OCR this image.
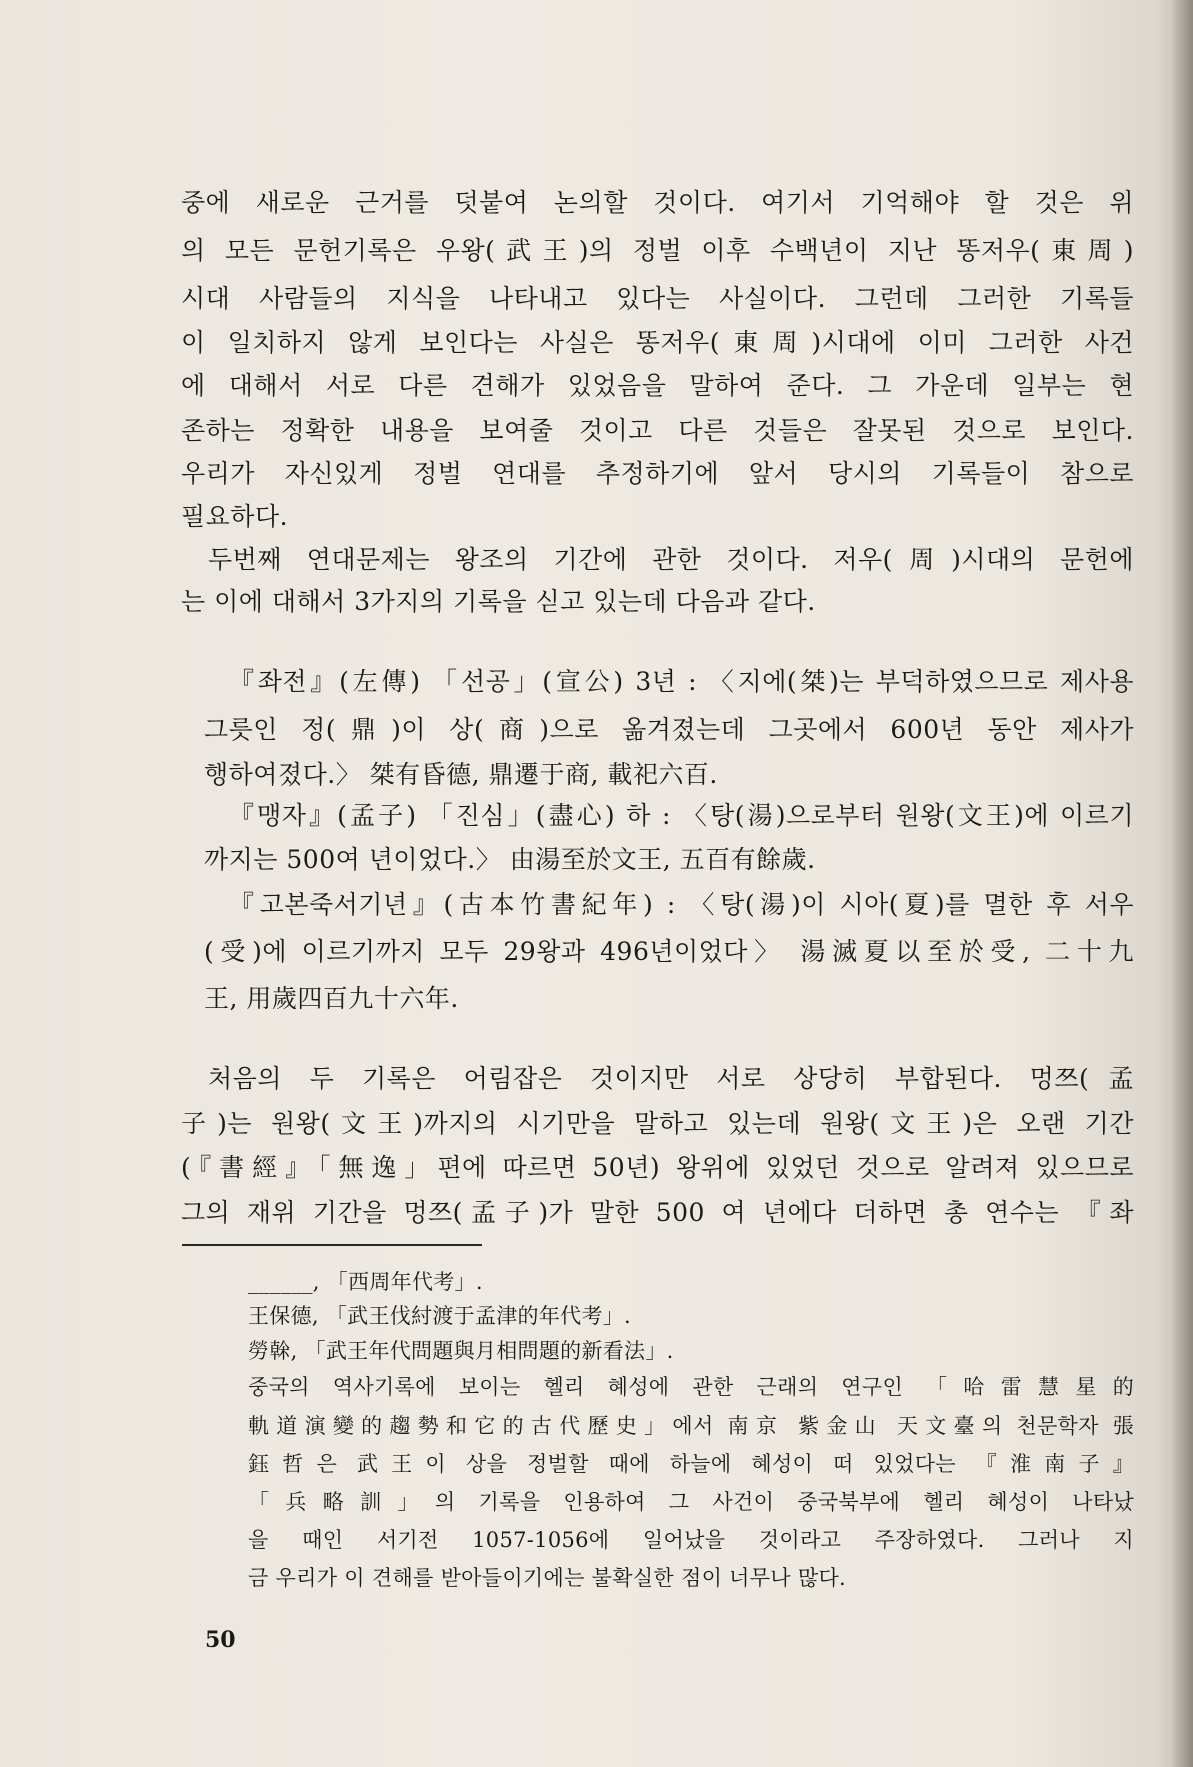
중에 새로운 근거를 덧붙여 논의할 것이다. 여기서 기억해야 할 것은 위
의 모든 문헌기록은 우왕(武王)의 정벌 이후 수백년이 지난 똥저우(東周)
시대 사람들의 지식을 나타내고 있다는 사실이다. 그런데 그러한 기록들
이 일치하지 않게 보인다는 사실은 똥저우(東周)시대에 이미 그러한 사건
에 대해서 서로 다른 견해가 있었음을 말하여 준다. 그 가운데 일부는 현
존하는 정확한 내용을 보여줄 것이고 다른 것들은 잘못된 것으로 보인다.
우리가 자신있게 정벌 연대를 추정하기에 앞서 당시의 기록들이 참으로
필요하다.
두번째 연대문제는 왕조의 기간에 관한 것이다. 저우(周)시대의 문헌에
는 이에 대해서 3가지의 기록을 싣고 있는데 다음과 같다.
『좌전』(左傳) 「선공」(宣公) 3년 : 〈지에(桀)는 부덕하였으므로 제사용
그릇인 정(鼎)이 상(商)으로 옮겨졌는데 그곳에서 600년 동안 제사가
행하여졌다.〉 桀有昏德, 鼎遷于商, 載祀六百.
『맹자』(孟子) 「진심」(盡心) 하 : 〈탕(湯)으로부터 원왕(文王)에 이르기
까지는 500여 년이었다.〉 由湯至於文王, 五百有餘歲.
『고본죽서기년』(古本竹書紀年) : 〈탕(湯)이 시아(夏)를 멸한 후 서우
(受)에 이르기까지 모두 29왕과 496년이었다〉 湯滅夏以至於受, 二十九
王, 用歲四百九十六年.
처음의 두 기록은 어림잡은 것이지만 서로 상당히 부합된다. 멍쯔(孟
子)는 원왕(文王)까지의 시기만을 말하고 있는데 원왕(文王)은 오랜 기간
(『書經』「無逸」편에 따르면 50년) 왕위에 있었던 것으로 알려져 있으므로
그의 재위 기간을 멍쯔(孟子)가 말한 500 여 년에다 더하면 총 연수는 『좌
______, 「西周年代考」.
王保德, 「武王伐紂渡于孟津的年代考」.
勞榦, 「武王年代問題與月相問題的新看法」.
중국의 역사기록에 보이는 헬리 혜성에 관한 근래의 연구인 「哈雷慧星的
軌道演變的趨勢和它的古代歷史」에서 南京 紫金山 天文臺의 천문학자 張
鈺哲은 武王이 상을 정벌할 때에 하늘에 혜성이 떠 있었다는 『淮南子』
「兵略訓」의 기록을 인용하여 그 사건이 중국북부에 헬리 혜성이 나타났
을 때인 서기전 1057-1056에 일어났을 것이라고 주장하였다. 그러나 지
금 우리가 이 견해를 받아들이기에는 불확실한 점이 너무나 많다.
50
